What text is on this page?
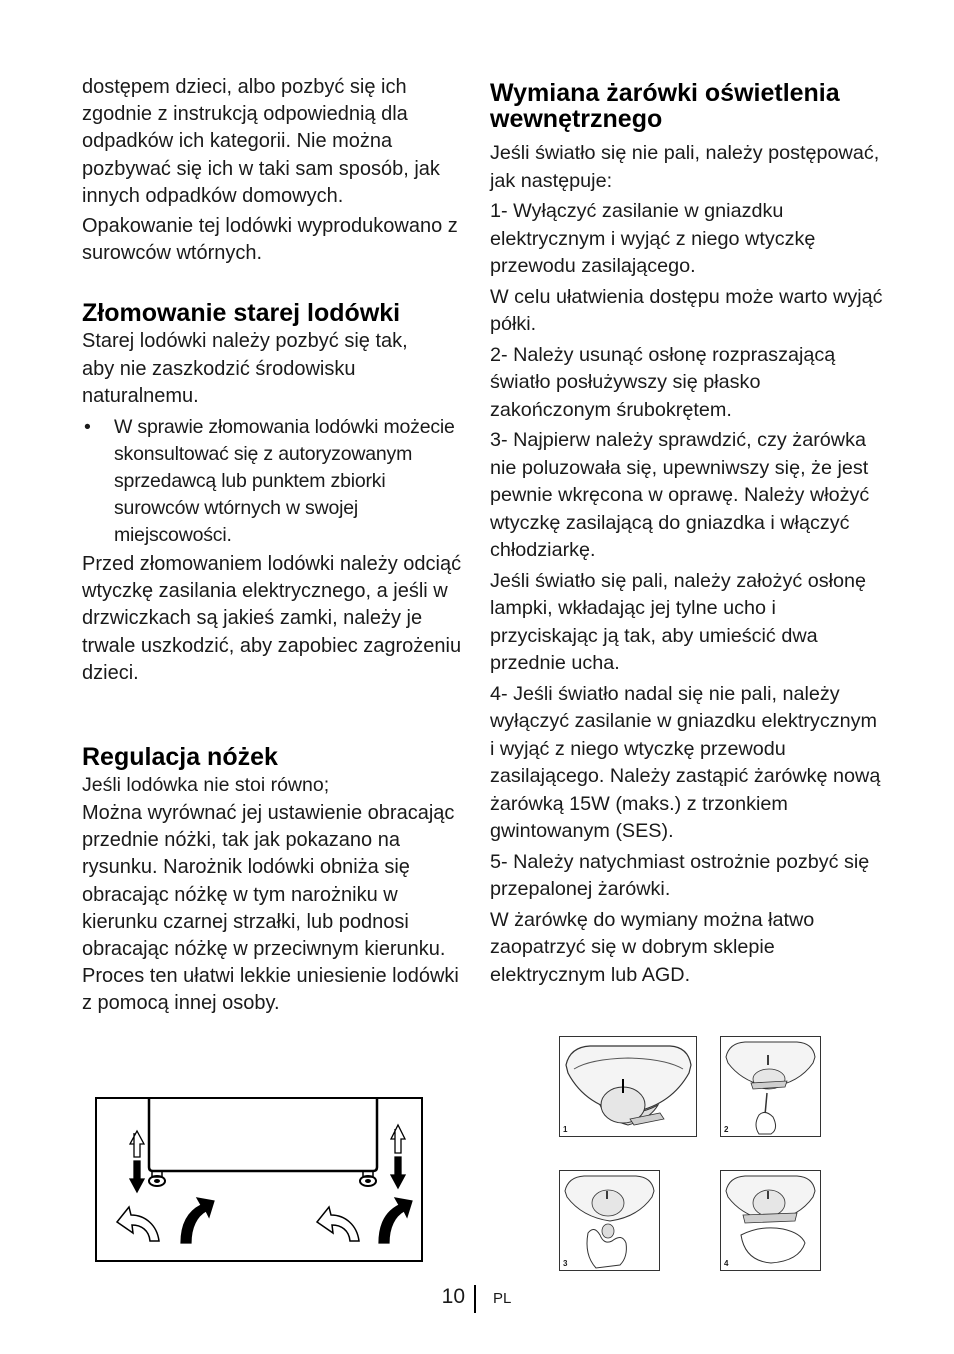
dostępem dzieci, albo pozbyć się ich zgodnie z instrukcją odpowiednią dla odpadków ich kategorii. Nie można pozbywać się ich w taki sam sposób, jak innych odpadków domowych.

Opakowanie tej lodówki wyprodukowano z surowców wtórnych.

Złomowanie starej lodówki

Starej lodówki należy pozbyć się tak, aby nie zaszkodzić środowisku naturalnemu.

• W sprawie złomowania lodówki możecie skonsultować się z autoryzowanym sprzedawcą lub punktem zbiorki surowców wtórnych w swojej miejscowości.

Przed złomowaniem lodówki należy odciąć wtyczkę zasilania elektrycznego, a jeśli w drzwiczkach są jakieś zamki, należy je trwale uszkodzić, aby zapobiec zagrożeniu dzieci.

Regulacja nóżek

Jeśli lodówka nie stoi równo;

Można wyrównać jej ustawienie obracając przednie nóżki, tak jak pokazano na rysunku. Narożnik lodówki obniża się obracając nóżkę w tym narożniku w kierunku czarnej strzałki, lub podnosi obracając nóżkę w przeciwnym kierunku. Proces ten ułatwi lekkie uniesienie lodówki z pomocą innej osoby.

Wymiana żarówki oświetlenia wewnętrznego

Jeśli światło się nie pali, należy postępować, jak następuje:

1- Wyłączyć zasilanie w gniazdku elektrycznym i wyjąć z niego wtyczkę przewodu zasilającego.

W celu ułatwienia dostępu może warto wyjąć półki.

2- Należy usunąć osłonę rozpraszającą światło posłużywszy się płasko zakończonym śrubokrętem.

3- Najpierw należy sprawdzić, czy żarówka nie poluzowała się, upewniwszy się, że jest pewnie wkręcona w oprawę. Należy włożyć wtyczkę zasilającą do gniazdka i włączyć chłodziarkę.

Jeśli światło się pali, należy założyć osłonę lampki, wkładając jej tylne ucho i przyciskając ją tak, aby umieścić dwa przednie ucha.

4- Jeśli światło nadal się nie pali, należy wyłączyć zasilanie w gniazdku elektrycznym i wyjąć z niego wtyczkę przewodu zasilającego. Należy zastąpić żarówkę nową żarówką 15W (maks.) z trzonkiem gwintowanym (SES).

5- Należy natychmiast ostrożnie pozbyć się przepalonej żarówki.

W żarówkę do wymiany można łatwo zaopatrzyć się w dobrym sklepie elektrycznym lub AGD.

1	2
3	4
10 PL
